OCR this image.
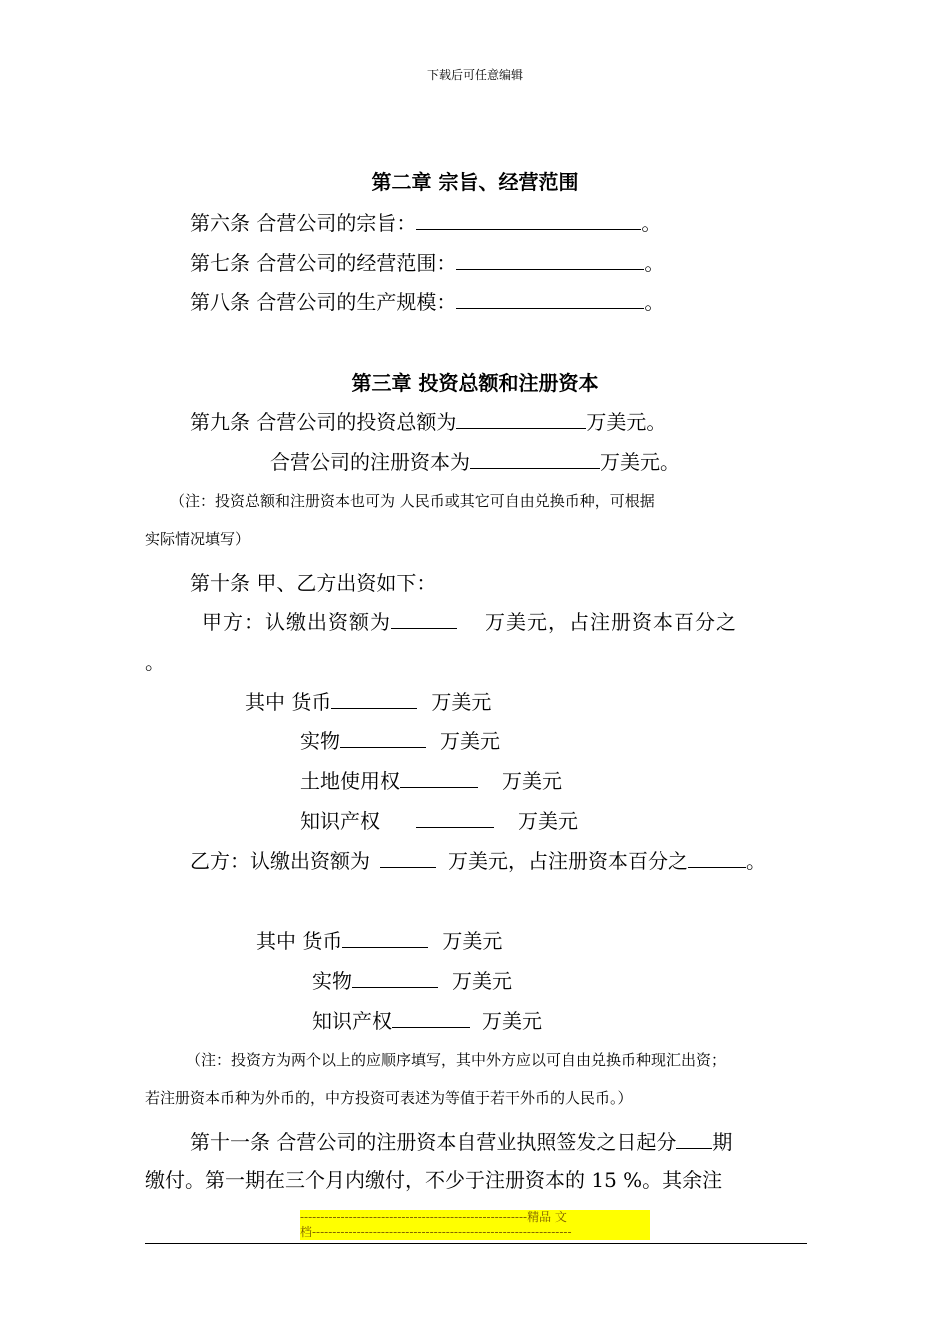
下载后可任意编辑
第二章 宗旨、经营范围
第六条 合营公司的宗旨：	。
第七条 合营公司的经营范围：	。
第八条 合营公司的生产规模：	。
第三章 投资总额和注册资本
第九条 合营公司的投资总额为	万美元。
合营公司的注册资本为	万美元。
（注：投资总额和注册资本也可为 人民币或其它可自由兑换币种，可根据
实际情况填写）
第十条 甲、乙方出资如下：
甲方：认缴出资额为	万美元，占注册资本百分之
。
其中 货币	万美元
实物	万美元
土地使用权	万美元
知识产权	万美元
乙方：认缴出资额为	万美元，占注册资本百分之	。
其中 货币	万美元
实物	万美元
知识产权	万美元
（注：投资方为两个以上的应顺序填写，其中外方应以可自由兑换币种现汇出资；
若注册资本币种为外币的，中方投资可表述为等值于若干外币的人民币。）
第十一条 合营公司的注册资本自营业执照签发之日起分 期
缴付。第一期在三个月内缴付，不少于注册资本的 15 %。其余注
--------------------------------------------------------精品 文
档----------------------------------------------------------------
